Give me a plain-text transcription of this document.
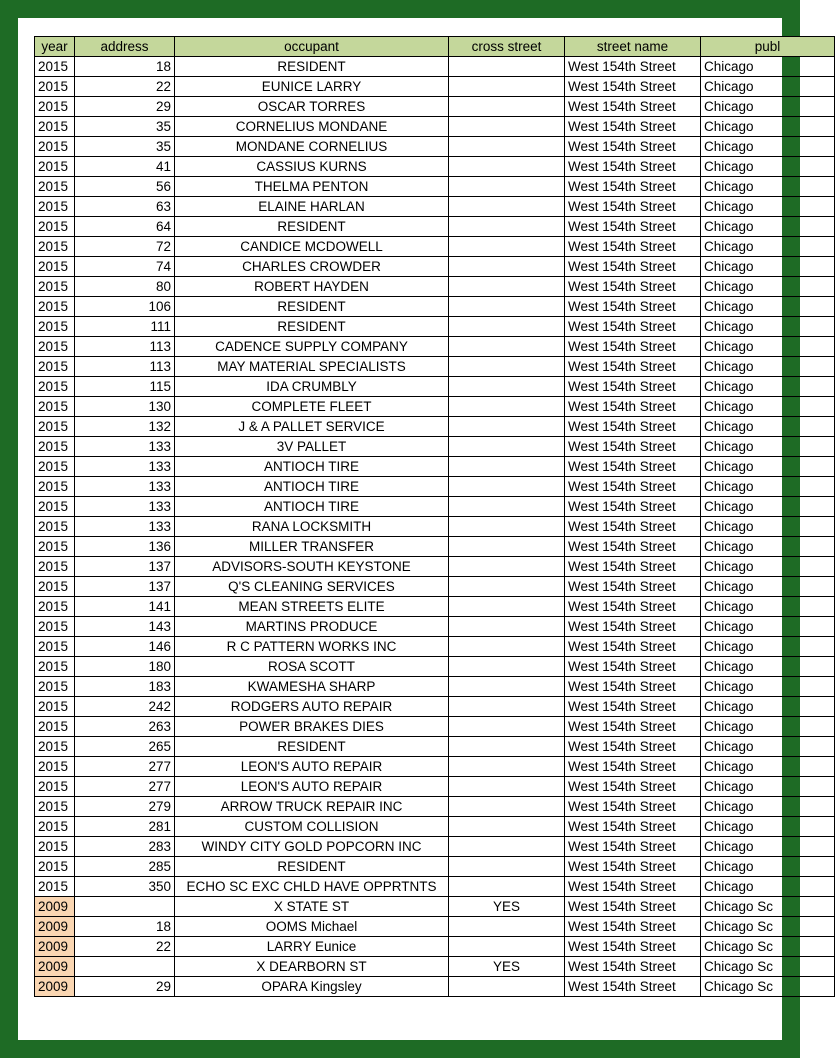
year	address	occupant	cross street	street name	publ
2015	18	RESIDENT		West 154th Street	Chicago
2015	22	EUNICE LARRY		West 154th Street	Chicago
2015	29	OSCAR TORRES		West 154th Street	Chicago
2015	35	CORNELIUS MONDANE		West 154th Street	Chicago
2015	35	MONDANE CORNELIUS		West 154th Street	Chicago
2015	41	CASSIUS KURNS		West 154th Street	Chicago
2015	56	THELMA PENTON		West 154th Street	Chicago
2015	63	ELAINE HARLAN		West 154th Street	Chicago
2015	64	RESIDENT		West 154th Street	Chicago
2015	72	CANDICE MCDOWELL		West 154th Street	Chicago
2015	74	CHARLES CROWDER		West 154th Street	Chicago
2015	80	ROBERT HAYDEN		West 154th Street	Chicago
2015	106	RESIDENT		West 154th Street	Chicago
2015	111	RESIDENT		West 154th Street	Chicago
2015	113	CADENCE SUPPLY COMPANY		West 154th Street	Chicago
2015	113	MAY MATERIAL SPECIALISTS		West 154th Street	Chicago
2015	115	IDA CRUMBLY		West 154th Street	Chicago
2015	130	COMPLETE FLEET		West 154th Street	Chicago
2015	132	J & A PALLET SERVICE		West 154th Street	Chicago
2015	133	3V PALLET		West 154th Street	Chicago
2015	133	ANTIOCH TIRE		West 154th Street	Chicago
2015	133	ANTIOCH TIRE		West 154th Street	Chicago
2015	133	ANTIOCH TIRE		West 154th Street	Chicago
2015	133	RANA LOCKSMITH		West 154th Street	Chicago
2015	136	MILLER TRANSFER		West 154th Street	Chicago
2015	137	ADVISORS-SOUTH KEYSTONE		West 154th Street	Chicago
2015	137	Q'S CLEANING SERVICES		West 154th Street	Chicago
2015	141	MEAN STREETS ELITE		West 154th Street	Chicago
2015	143	MARTINS PRODUCE		West 154th Street	Chicago
2015	146	R C PATTERN WORKS INC		West 154th Street	Chicago
2015	180	ROSA SCOTT		West 154th Street	Chicago
2015	183	KWAMESHA SHARP		West 154th Street	Chicago
2015	242	RODGERS AUTO REPAIR		West 154th Street	Chicago
2015	263	POWER BRAKES DIES		West 154th Street	Chicago
2015	265	RESIDENT		West 154th Street	Chicago
2015	277	LEON'S AUTO REPAIR		West 154th Street	Chicago
2015	277	LEON'S AUTO REPAIR		West 154th Street	Chicago
2015	279	ARROW TRUCK REPAIR INC		West 154th Street	Chicago
2015	281	CUSTOM COLLISION		West 154th Street	Chicago
2015	283	WINDY CITY GOLD POPCORN INC		West 154th Street	Chicago
2015	285	RESIDENT		West 154th Street	Chicago
2015	350	ECHO SC EXC CHLD HAVE OPPRTNTS		West 154th Street	Chicago
2009		X STATE ST	YES	West 154th Street	Chicago Sc
2009	18	OOMS Michael		West 154th Street	Chicago Sc
2009	22	LARRY Eunice		West 154th Street	Chicago Sc
2009		X DEARBORN ST	YES	West 154th Street	Chicago Sc
2009	29	OPARA Kingsley		West 154th Street	Chicago Sc
